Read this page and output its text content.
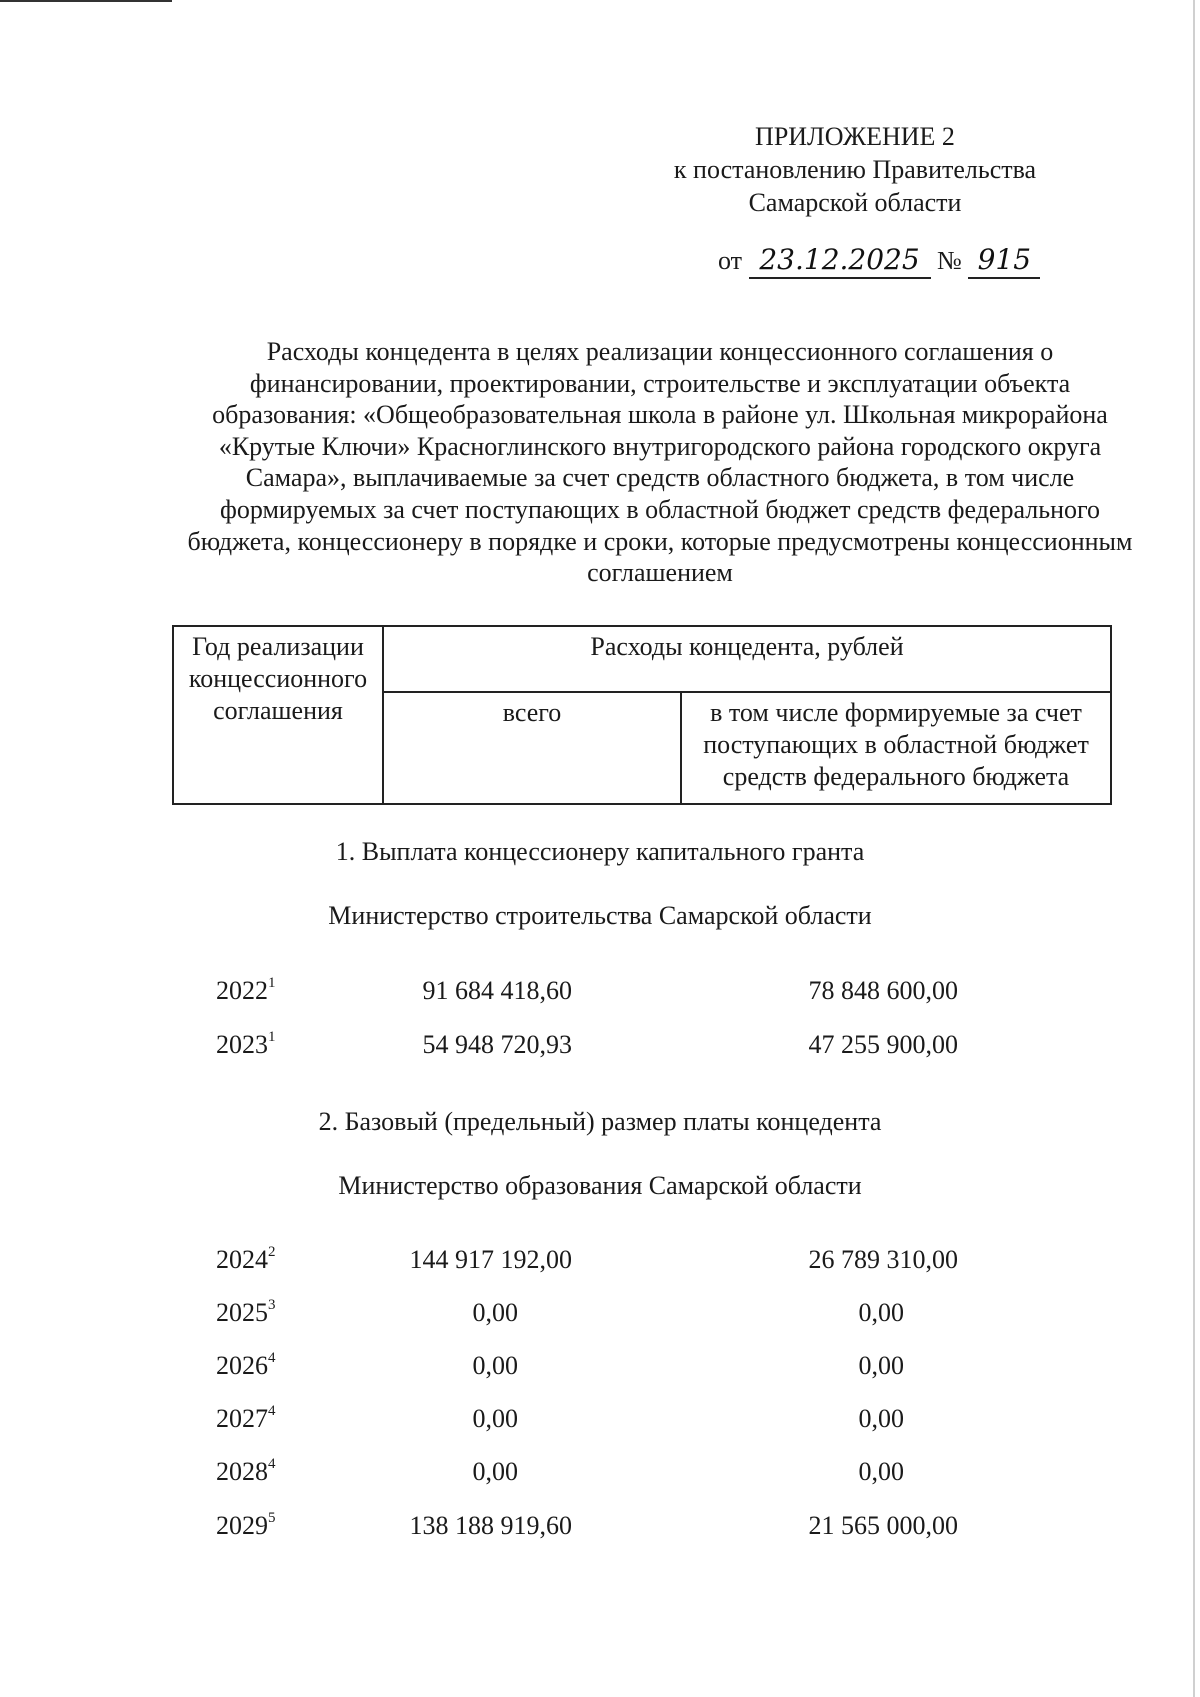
ПРИЛОЖЕНИЕ 2
к постановлению Правительства
Самарской области
от 23.12.2025 № 915
Расходы концедента в целях реализации концессионного соглашения о финансировании, проектировании, строительстве и эксплуатации объекта образования: «Общеобразовательная школа в районе ул. Школьная микрорайона «Крутые Ключи» Красноглинского внутригородского района городского округа Самара», выплачиваемые за счет средств областного бюджета, в том числе формируемых за счет поступающих в областной бюджет средств федерального бюджета, концессионеру в порядке и сроки, которые предусмотрены концессионным соглашением
Год реализации концессионного соглашения	Расходы концедента, рублей	
	всего	в том числе формируемые за счет поступающих в областной бюджет средств федерального бюджета
1. Выплата концессионеру капитального гранта
Министерство строительства Самарской области
2022$^1$	91 684 418,60	78 848 600,00
2023$^1$	54 948 720,93	47 255 900,00
2. Базовый (предельный) размер платы концедента
Министерство образования Самарской области
2024$^2$	144 917 192,00	26 789 310,00
2025$^3$	0,00	0,00
2026$^4$	0,00	0,00
2027$^4$	0,00	0,00
2028$^4$	0,00	0,00
2029$^5$	138 188 919,60	21 565 000,00
